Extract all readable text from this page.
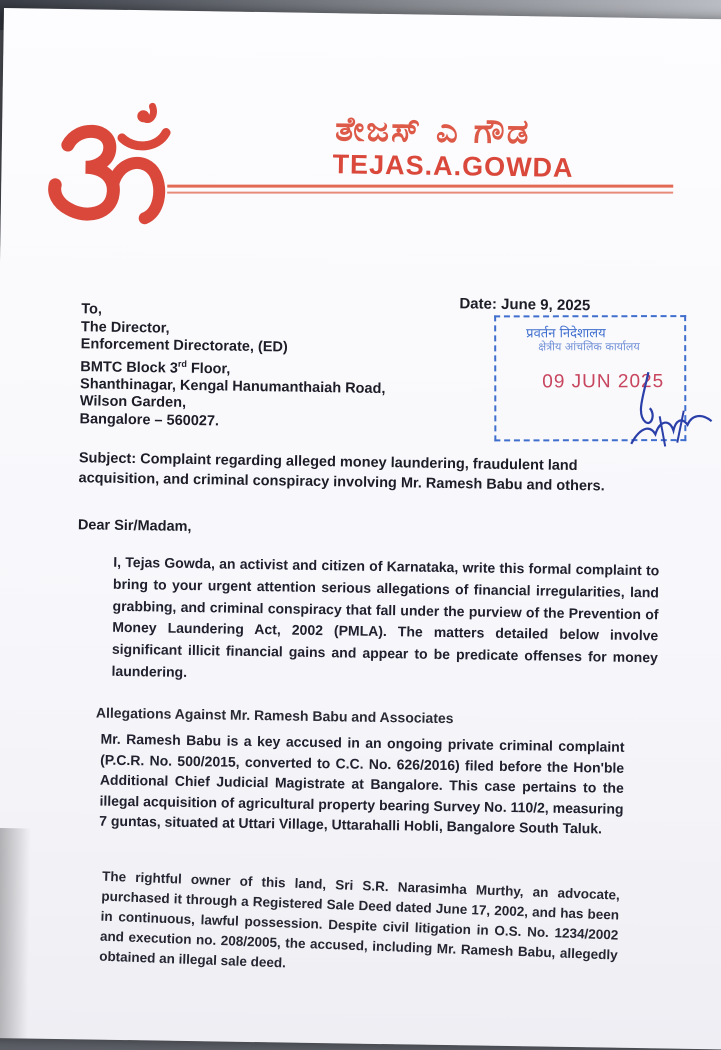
ತೇಜಸ್ ಎ ಗೌಡ
TEJAS.A.GOWDA
Date: June 9, 2025
To,
The Director,
Enforcement Directorate, (ED)
BMTC Block 3rd Floor,
Shanthinagar, Kengal Hanumanthaiah Road,
Wilson Garden,
Bangalore – 560027.
प्रवर्तन निदेशालय
क्षेत्रीय आंचलिक कार्यालय
09 JUN 2025
Subject: Complaint regarding alleged money laundering, fraudulent land acquisition, and criminal conspiracy involving Mr. Ramesh Babu and others.
Dear Sir/Madam,
I, Tejas Gowda, an activist and citizen of Karnataka, write this formal complaint to bring to your urgent attention serious allegations of financial irregularities, land grabbing, and criminal conspiracy that fall under the purview of the Prevention of Money Laundering Act, 2002 (PMLA). The matters detailed below involve significant illicit financial gains and appear to be predicate offenses for money laundering.
Allegations Against Mr. Ramesh Babu and Associates
Mr. Ramesh Babu is a key accused in an ongoing private criminal complaint (P.C.R. No. 500/2015, converted to C.C. No. 626/2016) filed before the Hon'ble Additional Chief Judicial Magistrate at Bangalore. This case pertains to the illegal acquisition of agricultural property bearing Survey No. 110/2, measuring 7 guntas, situated at Uttari Village, Uttarahalli Hobli, Bangalore South Taluk.
The rightful owner of this land, Sri S.R. Narasimha Murthy, an advocate, purchased it through a Registered Sale Deed dated June 17, 2002, and has been in continuous, lawful possession. Despite civil litigation in O.S. No. 1234/2002 and execution no. 208/2005, the accused, including Mr. Ramesh Babu, allegedly obtained an illegal sale deed.
